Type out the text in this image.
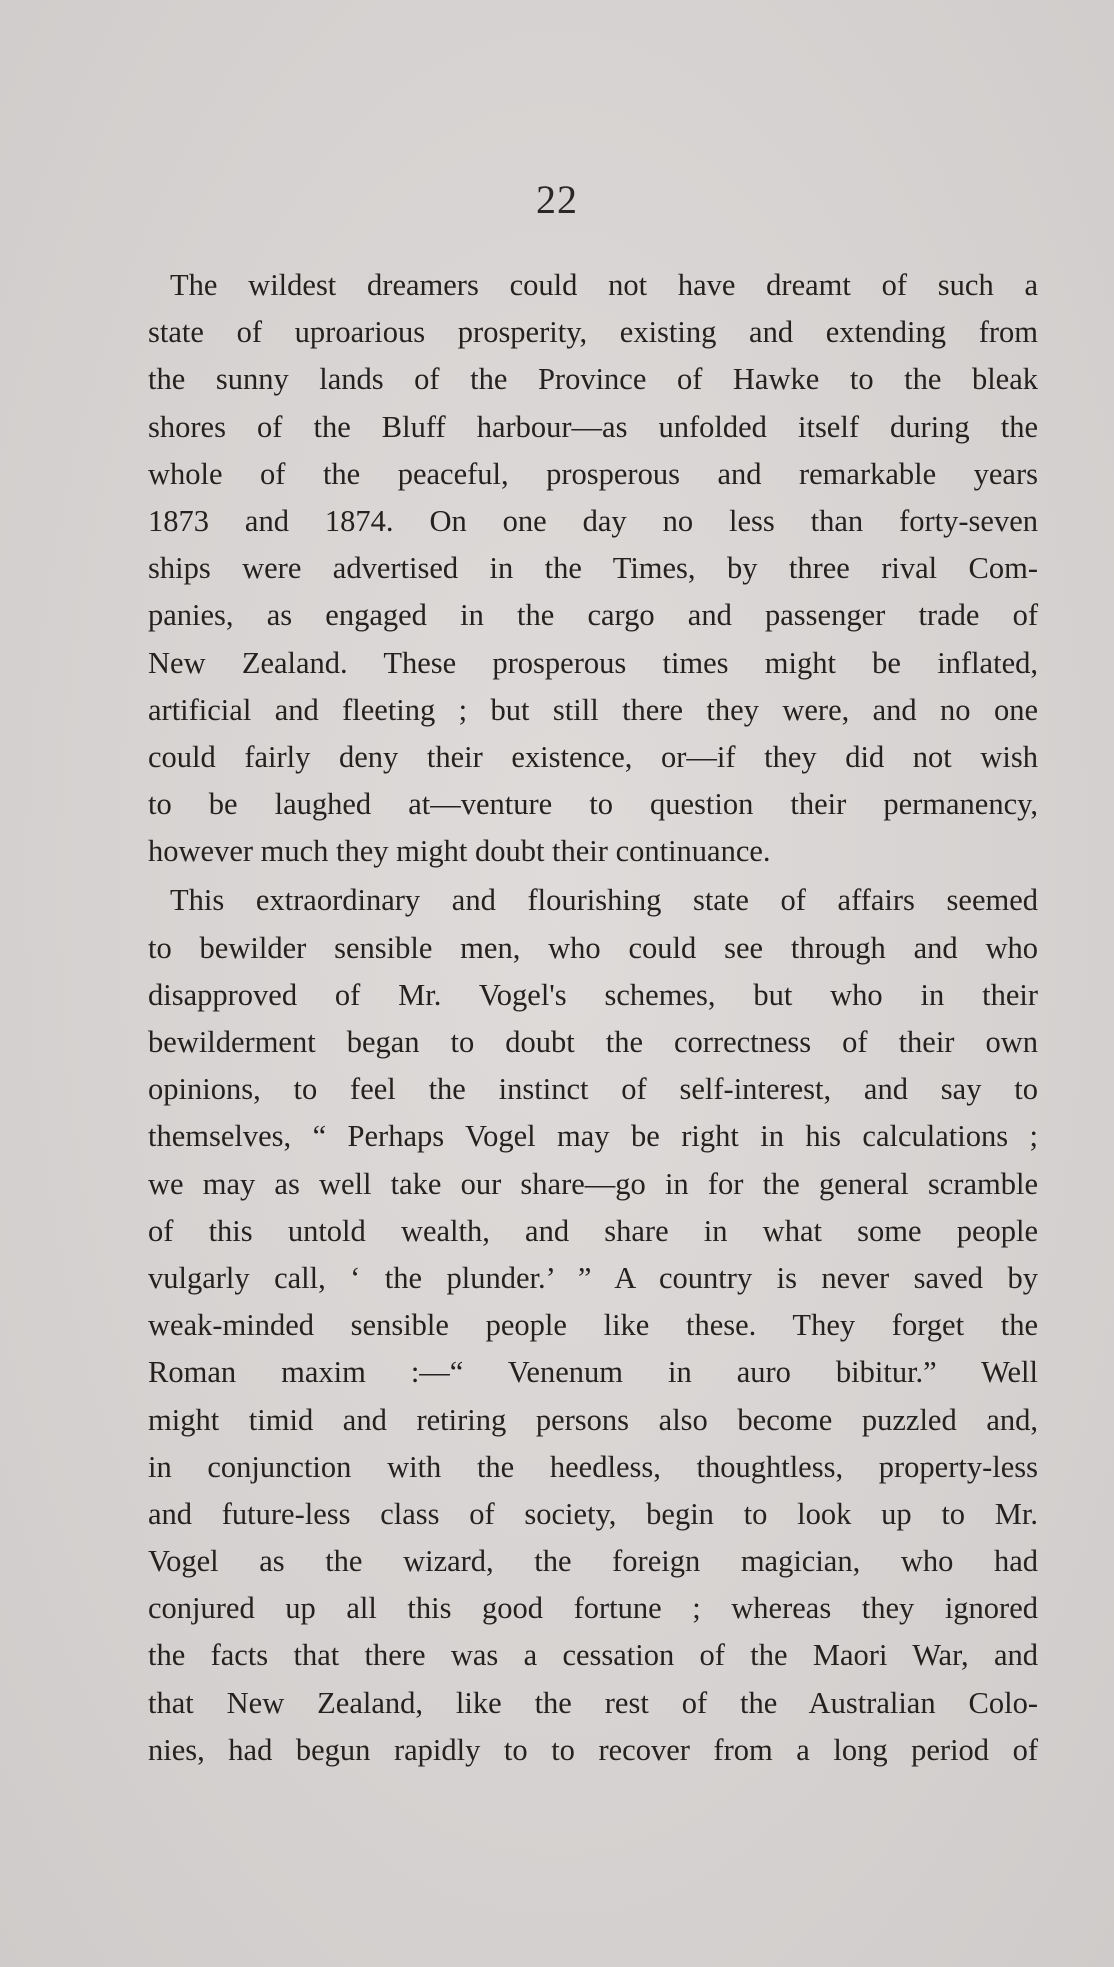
22
The wildest dreamers could not have dreamt of such a
state of uproarious prosperity, existing and extending from
the sunny lands of the Province of Hawke to the bleak
shores of the Bluff harbour—as unfolded itself during the
whole of the peaceful, prosperous and remarkable years
1873 and 1874. On one day no less than forty-seven
ships were advertised in the Times, by three rival Com-
panies, as engaged in the cargo and passenger trade of
New Zealand. These prosperous times might be inflated,
artificial and fleeting ; but still there they were, and no one
could fairly deny their existence, or—if they did not wish
to be laughed at—venture to question their permanency,
however much they might doubt their continuance.
This extraordinary and flourishing state of affairs seemed
to bewilder sensible men, who could see through and who
disapproved of Mr. Vogel's schemes, but who in their
bewilderment began to doubt the correctness of their own
opinions, to feel the instinct of self-interest, and say to
themselves, “ Perhaps Vogel may be right in his calculations ;
we may as well take our share—go in for the general scramble
of this untold wealth, and share in what some people
vulgarly call, ‘ the plunder.’ ” A country is never saved by
weak-minded sensible people like these. They forget the
Roman maxim :—“ Venenum in auro bibitur.” Well
might timid and retiring persons also become puzzled and,
in conjunction with the heedless, thoughtless, property-less
and future-less class of society, begin to look up to Mr.
Vogel as the wizard, the foreign magician, who had
conjured up all this good fortune ; whereas they ignored
the facts that there was a cessation of the Maori War, and
that New Zealand, like the rest of the Australian Colo-
nies, had begun rapidly to to recover from a long period of
